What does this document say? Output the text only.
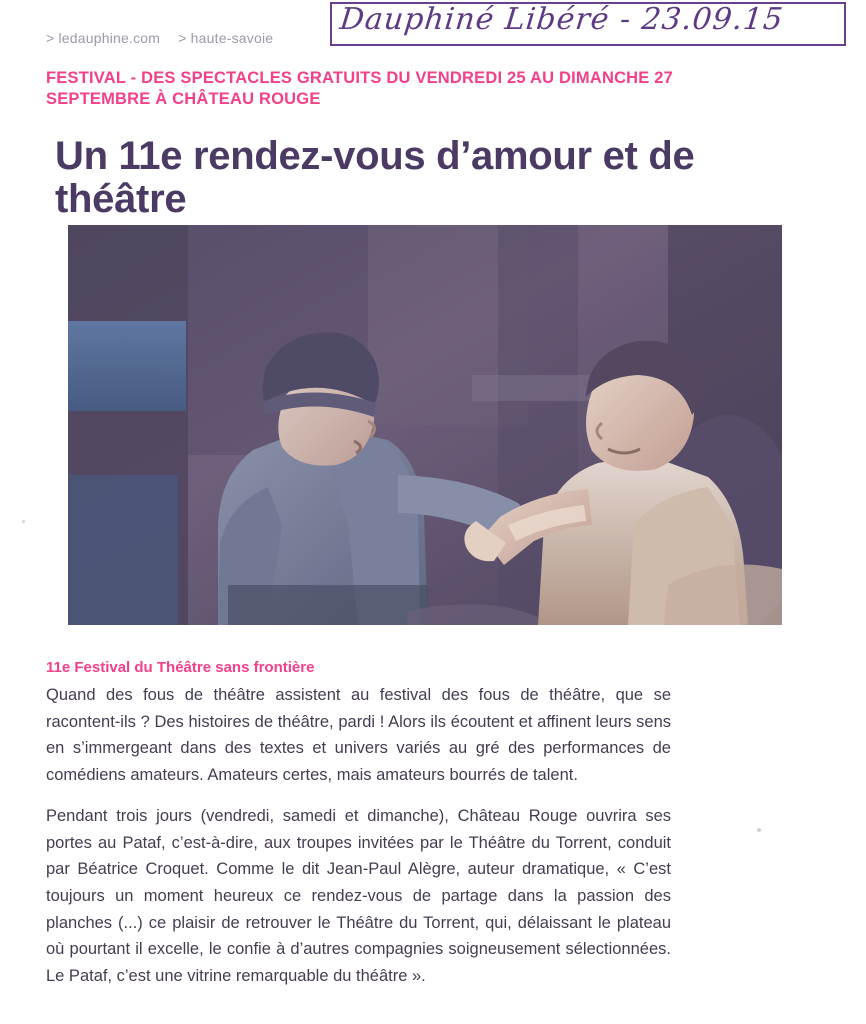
Dauphiné Libéré - 23.09.15
> ledauphine.com > haute-savoie
FESTIVAL - DES SPECTACLES GRATUITS DU VENDREDI 25 AU DIMANCHE 27 SEPTEMBRE À CHÂTEAU ROUGE
Un 11e rendez-vous d’amour et de théâtre
11e Festival du Théâtre sans frontière

Quand des fous de théâtre assistent au festival des fous de théâtre, que se racontent-ils ? Des histoires de théâtre, pardi ! Alors ils écoutent et affinent leurs sens en s’immergeant dans des textes et univers variés au gré des performances de comédiens amateurs. Amateurs certes, mais amateurs bourrés de talent.

Pendant trois jours (vendredi, samedi et dimanche), Château Rouge ouvrira ses portes au Pataf, c’est-à-dire, aux troupes invitées par le Théâtre du Torrent, conduit par Béatrice Croquet. Comme le dit Jean-Paul Alègre, auteur dramatique, « C’est toujours un moment heureux ce rendez-vous de partage dans la passion des planches (...) ce plaisir de retrouver le Théâtre du Torrent, qui, délaissant le plateau où pourtant il excelle, le confie à d’autres compagnies soigneusement sélectionnées. Le Pataf, c’est une vitrine remarquable du théâtre ».
